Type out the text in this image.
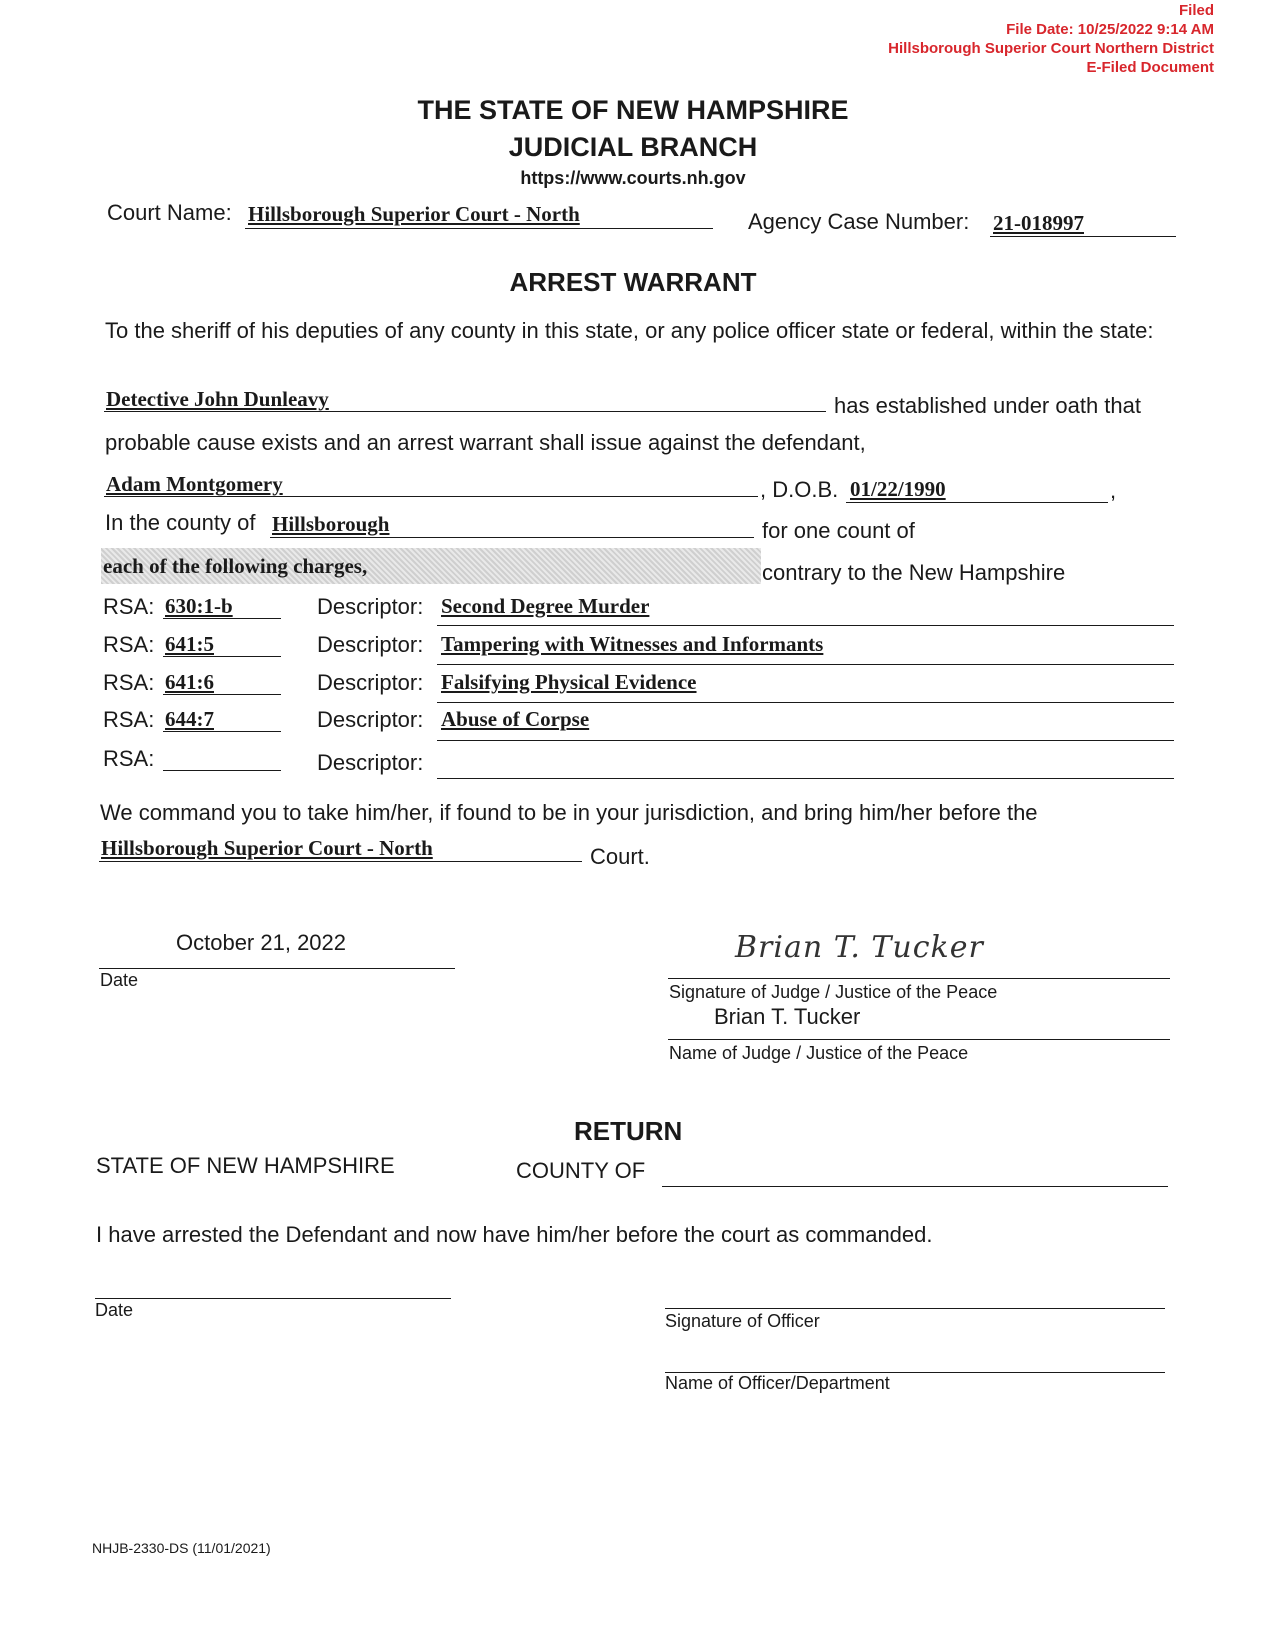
Filed
File Date: 10/25/2022 9:14 AM
Hillsborough Superior Court Northern District
E-Filed Document
THE STATE OF NEW HAMPSHIRE
JUDICIAL BRANCH
https://www.courts.nh.gov
Court Name: Hillsborough Superior Court - North	Agency Case Number: 21-018997
ARREST WARRANT
To the sheriff of his deputies of any county in this state, or any police officer state or federal, within the state:
Detective John Dunleavy	has established under oath that
probable cause exists and an arrest warrant shall issue against the defendant,
Adam Montgomery	, D.O.B. 01/22/1990	,
In the county of Hillsborough	for one count of
each of the following charges,	contrary to the New Hampshire
RSA: 630:1-b	Descriptor: Second Degree Murder
RSA: 641:5	Descriptor: Tampering with Witnesses and Informants
RSA: 641:6	Descriptor: Falsifying Physical Evidence
RSA: 644:7	Descriptor: Abuse of Corpse
RSA:	Descriptor:
We command you to take him/her, if found to be in your jurisdiction, and bring him/her before the
Hillsborough Superior Court - North	Court.
October 21, 2022
Date
Brian T. Tucker
Signature of Judge / Justice of the Peace
Brian T. Tucker
Name of Judge / Justice of the Peace
RETURN
STATE OF NEW HAMPSHIRE	COUNTY OF
I have arrested the Defendant and now have him/her before the court as commanded.
Date
Signature of Officer
Name of Officer/Department
NHJB-2330-DS (11/01/2021)
